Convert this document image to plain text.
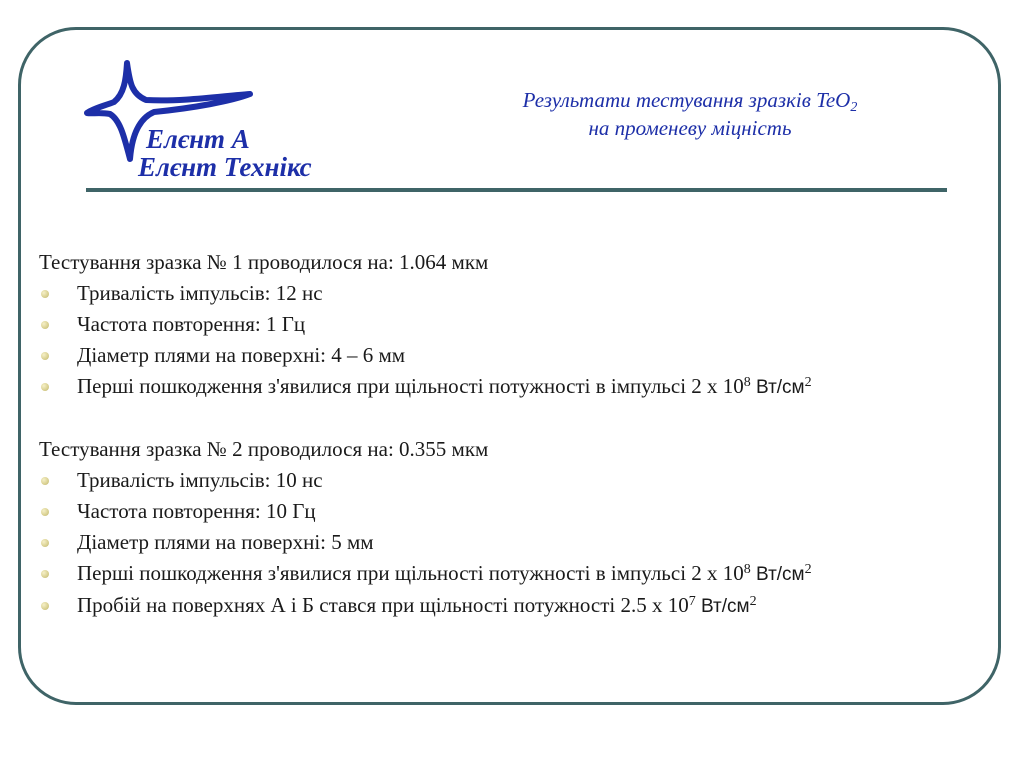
Елєнт А
Елєнт Технікс
Результати тестування зразків TeO$_2$
на променеву міцність

Тестування зразка № 1 проводилося на: 1.064 мкм

Тривалість імпульсів: 12 нс
Частота повторення: 1 Гц
Діаметр плями на поверхні: 4 – 6 мм
Перші пошкодження з'явилися при щільності потужності в імпульсі 2 х $10^8$ $Вт/см^2$

Тестування зразка № 2 проводилося на: 0.355 мкм

Тривалість імпульсів: 10 нс
Частота повторення: 10 Гц
Діаметр плями на поверхні: 5 мм
Перші пошкодження з'явилися при щільності потужності в імпульсі 2 х $10^8$ $Вт/см^2$
Пробій на поверхнях А і Б стався при щільності потужності 2.5 х $10^7$ $Вт/см^2$
